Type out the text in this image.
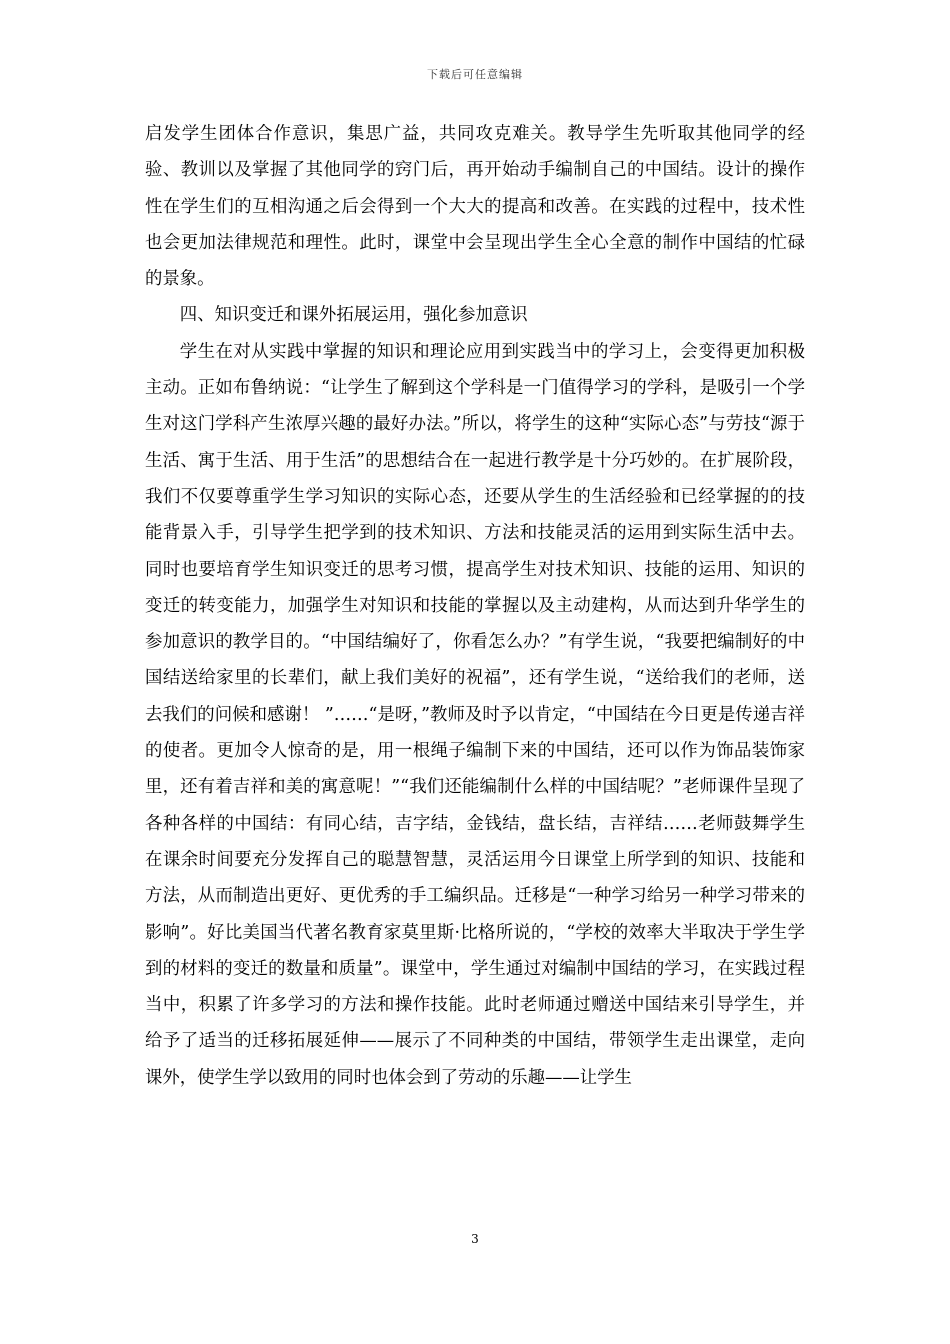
下载后可任意编辑

启发学生团体合作意识，集思广益，共同攻克难关。教导学生先听取其他同学的经验、教训以及掌握了其他同学的窍门后，再开始动手编制自己的中国结。设计的操作性在学生们的互相沟通之后会得到一个大大的提高和改善。在实践的过程中，技术性也会更加法律规范和理性。此时，课堂中会呈现出学生全心全意的制作中国结的忙碌的景象。

四、知识变迁和课外拓展运用，强化参加意识

学生在对从实践中掌握的知识和理论应用到实践当中的学习上，会变得更加积极主动。正如布鲁纳说：“让学生了解到这个学科是一门值得学习的学科，是吸引一个学生对这门学科产生浓厚兴趣的最好办法。”所以，将学生的这种“实际心态”与劳技“源于生活、寓于生活、用于生活”的思想结合在一起进行教学是十分巧妙的。在扩展阶段，我们不仅要尊重学生学习知识的实际心态，还要从学生的生活经验和已经掌握的的技能背景入手，引导学生把学到的技术知识、方法和技能灵活的运用到实际生活中去。同时也要培育学生知识变迁的思考习惯，提高学生对技术知识、技能的运用、知识的变迁的转变能力，加强学生对知识和技能的掌握以及主动建构，从而达到升华学生的参加意识的教学目的。“中国结编好了，你看怎么办？”有学生说，“我要把编制好的中国结送给家里的长辈们，献上我们美好的祝福”，还有学生说，“送给我们的老师，送去我们的问候和感谢！ ”……“是呀，”教师及时予以肯定，“中国结在今日更是传递吉祥的使者。更加令人惊奇的是，用一根绳子编制下来的中国结，还可以作为饰品装饰家里，还有着吉祥和美的寓意呢！”“我们还能编制什么样的中国结呢？”老师课件呈现了各种各样的中国结：有同心结，吉字结，金钱结，盘长结，吉祥结……老师鼓舞学生在课余时间要充分发挥自己的聪慧智慧，灵活运用今日课堂上所学到的知识、技能和方法，从而制造出更好、更优秀的手工编织品。迁移是“一种学习给另一种学习带来的影响”。好比美国当代著名教育家莫里斯·比格所说的，“学校的效率大半取决于学生学到的材料的变迁的数量和质量”。课堂中，学生通过对编制中国结的学习，在实践过程当中，积累了许多学习的方法和操作技能。此时老师通过赠送中国结来引导学生，并给予了适当的迁移拓展延伸——展示了不同种类的中国结，带领学生走出课堂，走向课外，使学生学以致用的同时也体会到了劳动的乐趣——让学生

3
